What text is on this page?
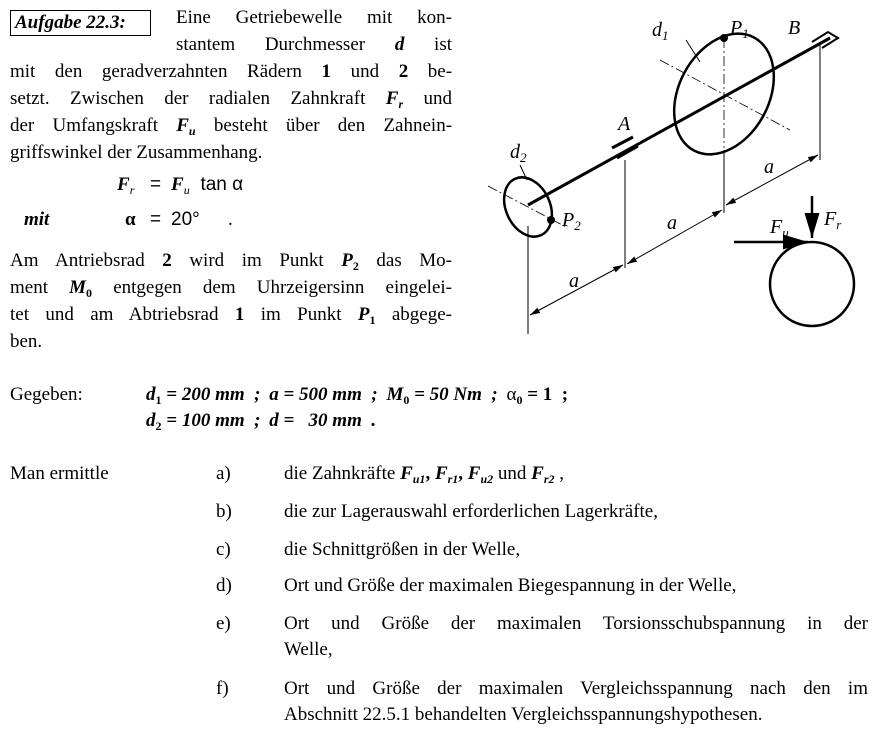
Aufgabe 22.3:	Eine Getriebewelle mit kon-
stantem Durchmesser d ist
mit den geradverzahnten Rädern 1 und 2 be-
setzt. Zwischen der radialen Zahnkraft $F_r$ und
der Umfangskraft $F_u$ besteht über den Zahnein-
griffswinkel der Zusammenhang.
$F_r = F_u$ tan α
mit	α = 20° .
Am Antriebsrad 2 wird im Punkt $P_2$ das Mo-
ment $M_0$ entgegen dem Uhrzeigersinn eingelei-
tet und am Abtriebsrad 1 im Punkt $P_1$ abgege-
ben.
Gegeben:	$d_1 = 200$ mm  ; a = 500 mm  ; $M_0 = 50$ Nm  ; $\alpha_0 = 1$  ;
$d_2 = 100$ mm  ; d =   30 mm  .
Man ermittle	a)	die Zahnkräfte $F_{u1}$, $F_{r1}$, $F_{u2}$ und $F_{r2}$ ,
b)	die zur Lagerauswahl erforderlichen Lagerkräfte,
c)	die Schnittgrößen in der Welle,
d)	Ort und Größe der maximalen Biegespannung in der Welle,
e)	Ort und Größe der maximalen Torsionsschubspannung in der
Welle,
f)	Ort und Größe der maximalen Vergleichsspannung nach den im
Abschnitt 22.5.1 behandelten Vergleichsspannungshypothesen.
$d_1$	$P_1$ B
A
$d_2$
$P_2$
a
a
a
$F_u$
$F_r$
